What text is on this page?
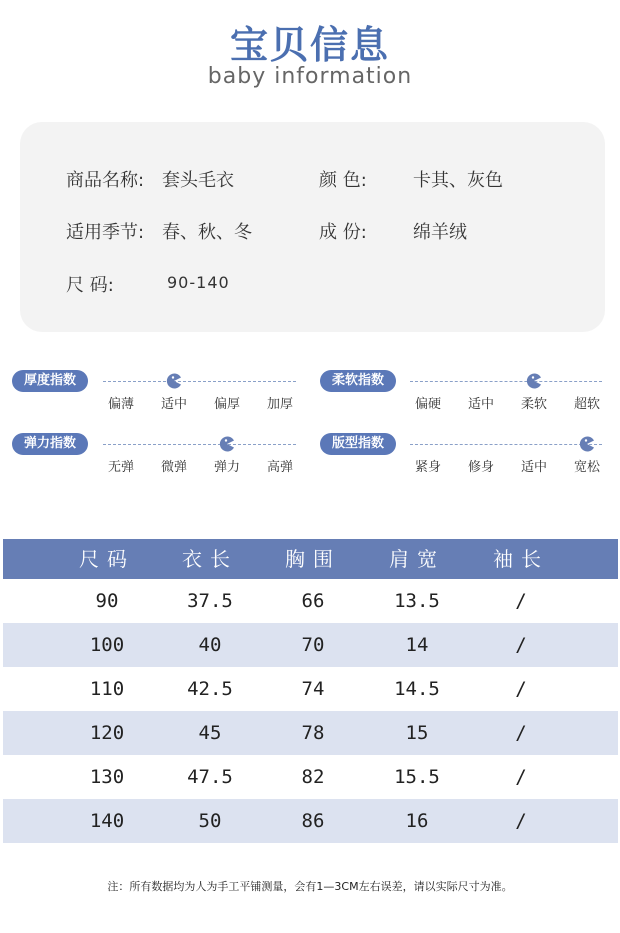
宝贝信息
baby information
商品名称: 套头毛衣	颜 色:	卡其、灰色
适用季节: 春、秋、冬	成 份:	绵羊绒
尺 码:	90-140
厚度指数
偏薄	适中	偏厚	加厚
柔软指数
偏硬	适中	柔软	超软
弹力指数
无弹	微弹	弹力	高弹
版型指数
紧身	修身	适中	宽松
尺码	衣长	胸围	肩宽	袖长
90	37.5	66	13.5	/
100	40	70	14	/
110	42.5	74	14.5	/
120	45	78	15	/
130	47.5	82	15.5	/
140	50	86	16	/
注：所有数据均为人为手工平铺测量，会有1—3CM左右误差，请以实际尺寸为准。
